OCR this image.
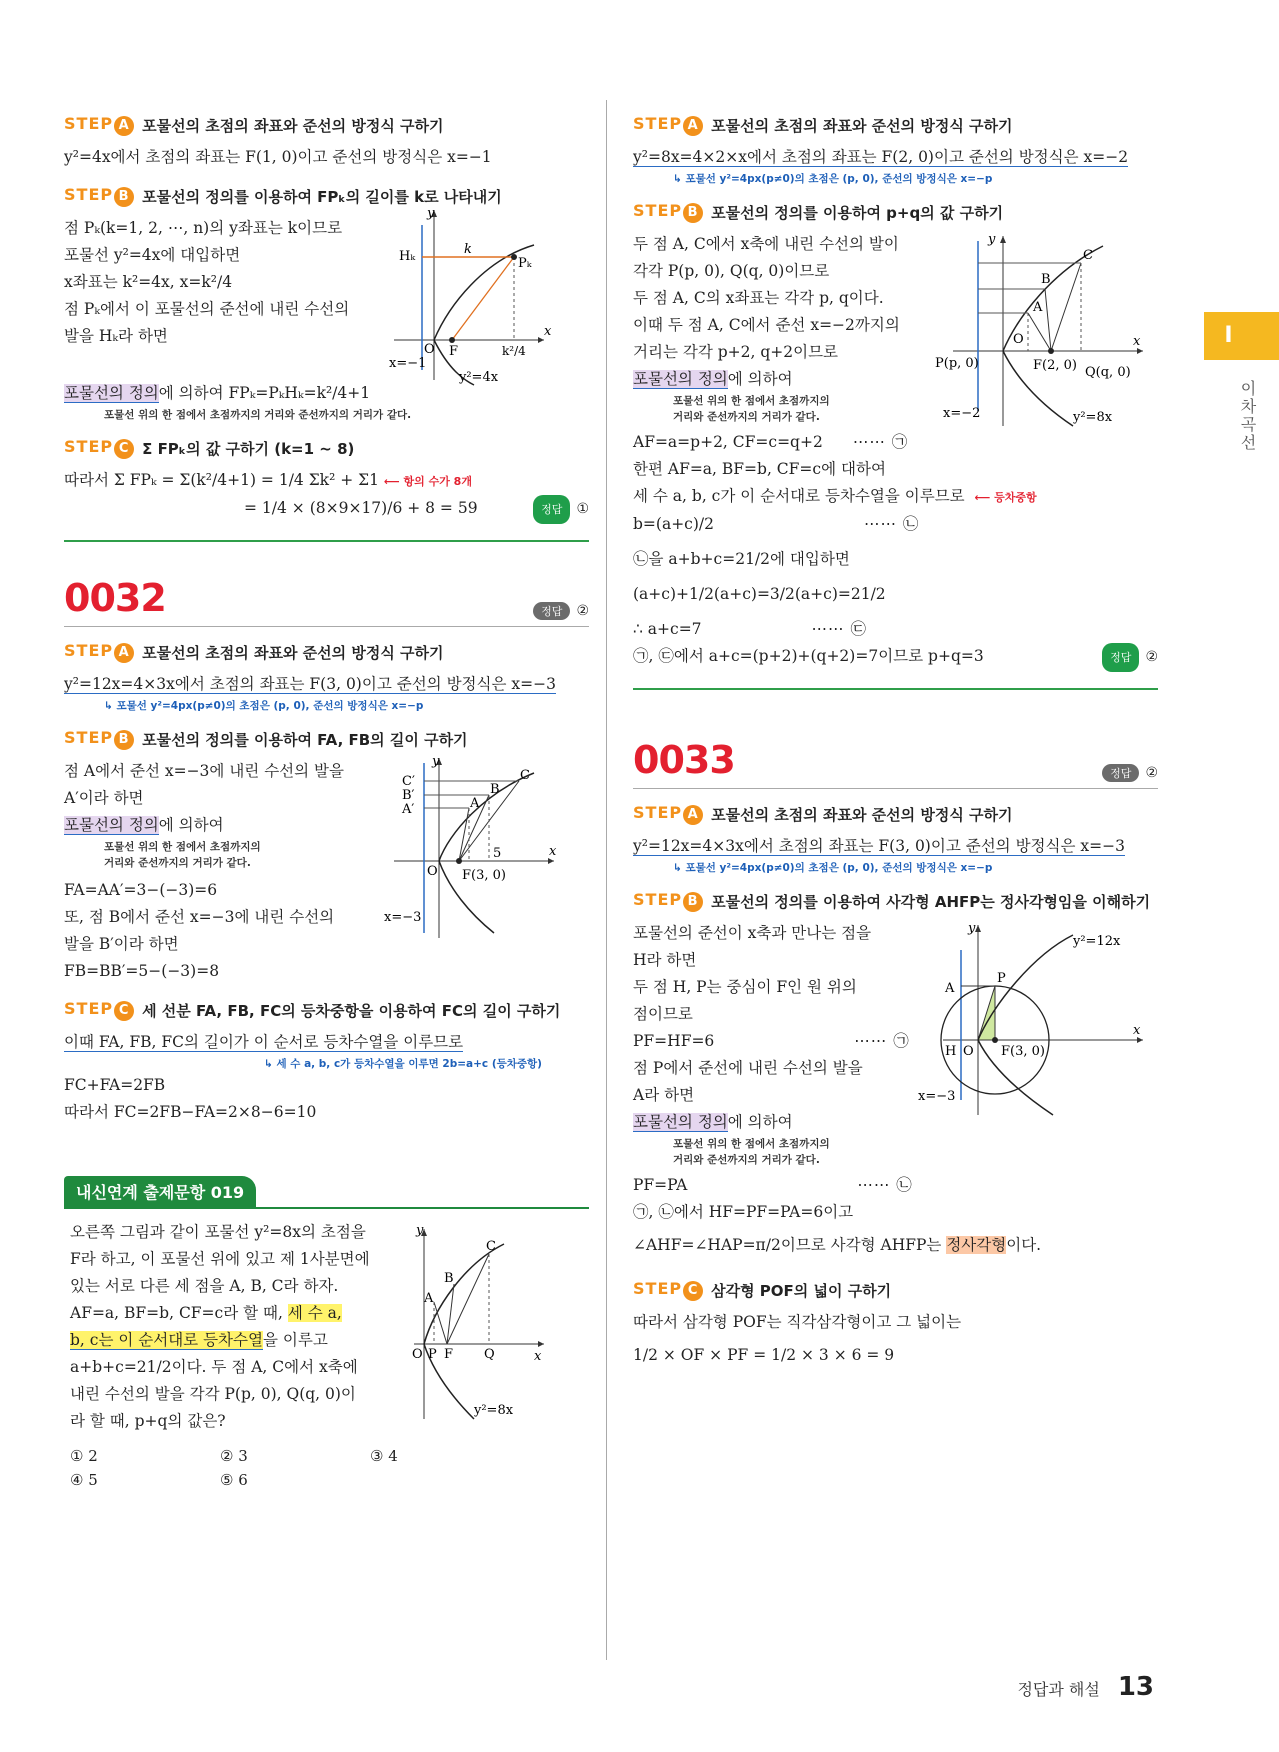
I
이차곡선
STEP A 포물선의 초점의 좌표와 준선의 방정식 구하기
y²=4x에서 초점의 좌표는 F(1, 0)이고 준선의 방정식은 x=−1
STEP B 포물선의 정의를 이용하여 FPₖ의 길이를 k로 나타내기
점 Pₖ(k=1, 2, ⋯, n)의 y좌표는 k이므로
포물선 y²=4x에 대입하면
x좌표는 k²=4x, x=k²/4
점 Pₖ에서 이 포물선의 준선에 내린 수선의
발을 Hₖ라 하면
y
x
Hₖ	k
Pₖ
O F	k²/4
x=−1
y²=4x
포물선의 정의에 의하여 FPₖ=PₖHₖ=k²/4+1
포물선 위의 한 점에서 초점까지의 거리와 준선까지의 거리가 같다.
STEP C Σ FPₖ의 값 구하기 (k=1 ~ 8)
따라서 Σ FPₖ = Σ(k²/4+1) = 1/4 Σk² + Σ1 ⟵ 항의 수가 8개
= 1/4 × (8×9×17)/6 + 8 = 59	정답	①
0032	정답	②
STEP A 포물선의 초점의 좌표와 준선의 방정식 구하기
y²=12x=4×3x에서 초점의 좌표는 F(3, 0)이고 준선의 방정식은 x=−3
↳ 포물선 y²=4px(p≠0)의 초점은 (p, 0), 준선의 방정식은 x=−p
STEP B 포물선의 정의를 이용하여 FA, FB의 길이 구하기
점 A에서 준선 x=−3에 내린 수선의 발을
A′이라 하면
포물선의 정의에 의하여
포물선 위의 한 점에서 초점까지의
거리와 준선까지의 거리가 같다.
FA=AA′=3−(−3)=6
또, 점 B에서 준선 x=−3에 내린 수선의
발을 B′이라 하면
FB=BB′=5−(−3)=8
y
x
C′
B′
A′	A
B
C
O
5
F(3, 0)
x=−3
STEP C 세 선분 FA, FB, FC의 등차중항을 이용하여 FC의 길이 구하기
이때 FA, FB, FC의 길이가 이 순서로 등차수열을 이루므로
↳ 세 수 a, b, c가 등차수열을 이루면 2b=a+c (등차중항)
FC+FA=2FB
따라서 FC=2FB−FA=2×8−6=10
내신연계 출제문항 019
오른쪽 그림과 같이 포물선 y²=8x의 초점을
F라 하고, 이 포물선 위에 있고 제 1사분면에
있는 서로 다른 세 점을 A, B, C라 하자.
AF=a, BF=b, CF=c라 할 때, 세 수 a,
b, c는 이 순서대로 등차수열을 이루고
a+b+c=21/2이다. 두 점 A, C에서 x축에
내린 수선의 발을 각각 P(p, 0), Q(q, 0)이
라 할 때, p+q의 값은?
① 2	② 3	③ 4
④ 5	⑤ 6
y
x
A
B
C
O P F Q
y²=8x
STEP A 포물선의 초점의 좌표와 준선의 방정식 구하기
y²=8x=4×2×x에서 초점의 좌표는 F(2, 0)이고 준선의 방정식은 x=−2
↳ 포물선 y²=4px(p≠0)의 초점은 (p, 0), 준선의 방정식은 x=−p
STEP B 포물선의 정의를 이용하여 p+q의 값 구하기
두 점 A, C에서 x축에 내린 수선의 발이
각각 P(p, 0), Q(q, 0)이므로
두 점 A, C의 x좌표는 각각 p, q이다.
이때 두 점 A, C에서 준선 x=−2까지의
거리는 각각 p+2, q+2이므로
포물선의 정의에 의하여
포물선 위의 한 점에서 초점까지의
거리와 준선까지의 거리가 같다.
AF=a=p+2, CF=c=q+2 ⋯⋯ ㉠
한편 AF=a, BF=b, CF=c에 대하여
세 수 a, b, c가 이 순서대로 등차수열을 이루므로 ⟵ 등차중항
b=(a+c)/2	⋯⋯ ㉡
㉡을 a+b+c=21/2에 대입하면
(a+c)+1/2(a+c)=3/2(a+c)=21/2
∴ a+c=7	⋯⋯ ㉢
㉠, ㉢에서 a+c=(p+2)+(q+2)=7이므로 p+q=3	정답	②
y
x
C
B
A
O
P(p, 0)	F(2, 0) Q(q, 0)
x=−2	y²=8x
0033	정답	②
STEP A 포물선의 초점의 좌표와 준선의 방정식 구하기
y²=12x=4×3x에서 초점의 좌표는 F(3, 0)이고 준선의 방정식은 x=−3
↳ 포물선 y²=4px(p≠0)의 초점은 (p, 0), 준선의 방정식은 x=−p
STEP B 포물선의 정의를 이용하여 사각형 AHFP는 정사각형임을 이해하기
포물선의 준선이 x축과 만나는 점을
H라 하면
두 점 H, P는 중심이 F인 원 위의
점이므로
PF=HF=6	⋯⋯ ㉠
점 P에서 준선에 내린 수선의 발을
A라 하면
포물선의 정의에 의하여
포물선 위의 한 점에서 초점까지의
거리와 준선까지의 거리가 같다.
PF=PA	⋯⋯ ㉡
㉠, ㉡에서 HF=PF=PA=6이고
∠AHF=∠HAP=π/2이므로 사각형 AHFP는 정사각형이다.
y
x
y²=12x
A
P
H O F(3, 0)
x=−3
STEP C 삼각형 POF의 넓이 구하기
따라서 삼각형 POF는 직각삼각형이고 그 넓이는
1/2 × OF × PF = 1/2 × 3 × 6 = 9
정답과 해설 13
